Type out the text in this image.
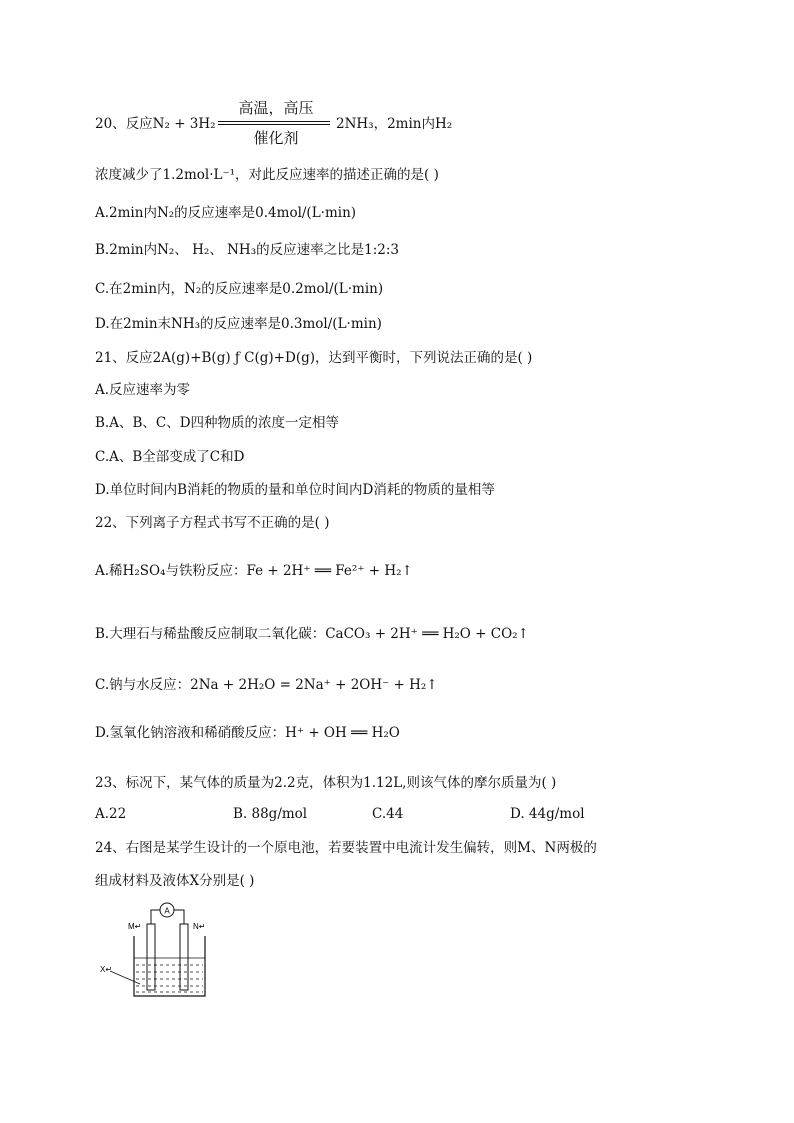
20、反应N₂ + 3H₂
高温，高压
催化剂
2NH₃，2min内H₂
浓度减少了1.2mol·L⁻¹，对此反应速率的描述正确的是( )
A.2min内N₂的反应速率是0.4mol/(L·min)
B.2min内N₂、 H₂、 NH₃的反应速率之比是1:2:3
C.在2min内，N₂的反应速率是0.2mol/(L·min)
D.在2min末NH₃的反应速率是0.3mol/(L·min)
21、反应2A(g)+B(g) ƒ C(g)+D(g)，达到平衡时，下列说法正确的是( )
A.反应速率为零
B.A、B、C、D四种物质的浓度一定相等
C.A、B全部变成了C和D
D.单位时间内B消耗的物质的量和单位时间内D消耗的物质的量相等
22、下列离子方程式书写不正确的是( )
A.稀H₂SO₄与铁粉反应：Fe + 2H⁺ ══ Fe²⁺ + H₂↑
B.大理石与稀盐酸反应制取二氧化碳：CaCO₃ + 2H⁺ ══ H₂O + CO₂↑
C.钠与水反应：2Na + 2H₂O = 2Na⁺ + 2OH⁻ + H₂↑
D.氢氧化钠溶液和稀硝酸反应：H⁺ + OH ══ H₂O
23、标况下，某气体的质量为2.2克，体积为1.12L,则该气体的摩尔质量为( )
A.22	B. 88g/mol	C.44	D. 44g/mol
24、右图是某学生设计的一个原电池，若要装置中电流计发生偏转，则M、N两极的
组成材料及液体X分别是( )
A
M↵	N↵
X↵
